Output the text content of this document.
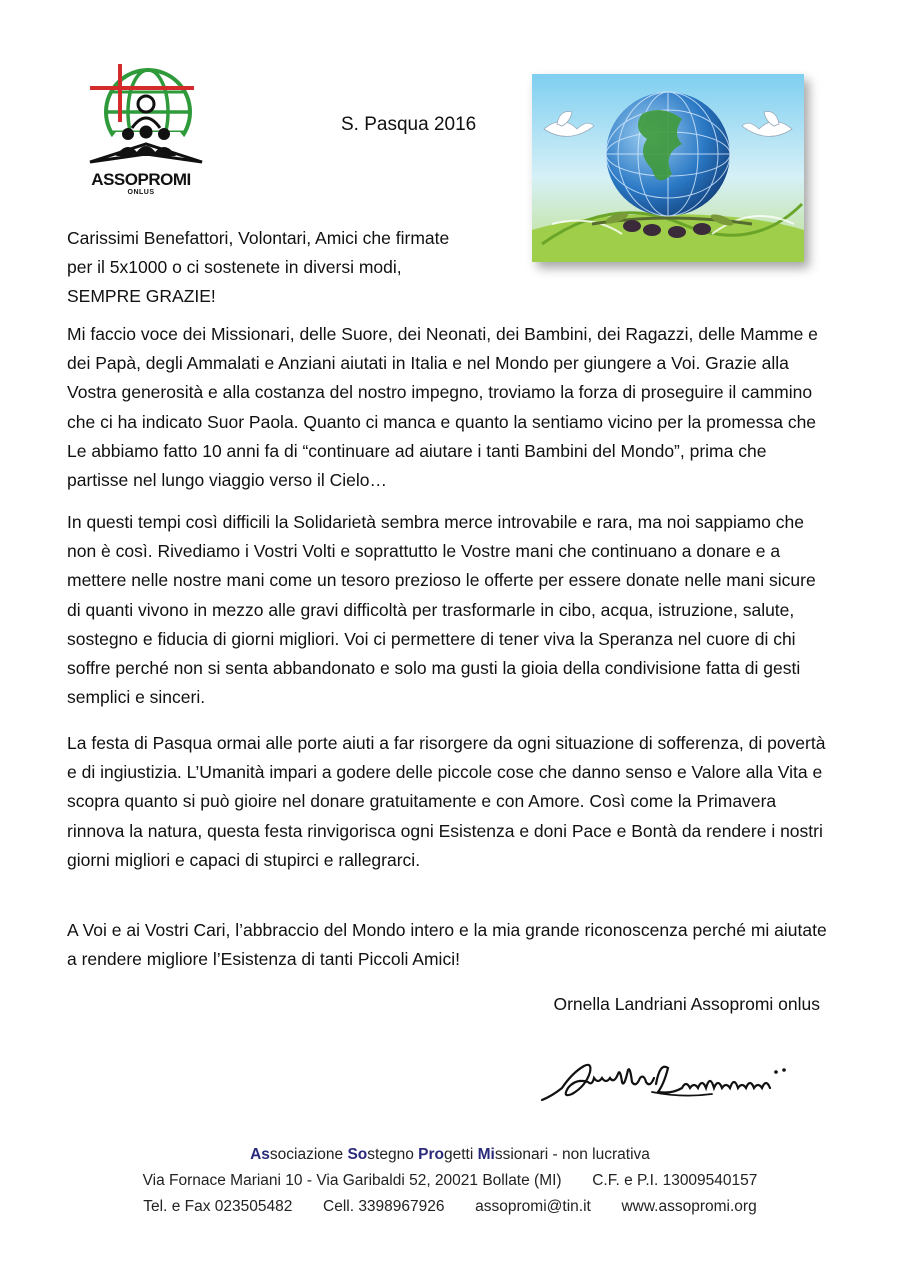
ASSOPROMI
ONLUS
S. Pasqua 2016
Carissimi Benefattori, Volontari, Amici che firmate
per il 5x1000 o ci sostenete in diversi modi,
SEMPRE GRAZIE!
Mi faccio voce dei Missionari, delle Suore, dei Neonati, dei Bambini, dei Ragazzi, delle Mamme e dei Papà, degli Ammalati e Anziani aiutati in Italia e nel Mondo per giungere a Voi. Grazie alla Vostra generosità e alla costanza del nostro impegno, troviamo la forza di proseguire il cammino che ci ha indicato Suor Paola. Quanto ci manca e quanto la sentiamo vicino per la promessa che Le abbiamo fatto 10 anni fa di “continuare ad aiutare i tanti Bambini del Mondo”, prima che partisse nel lungo viaggio verso il Cielo…
In questi tempi così difficili la Solidarietà sembra merce introvabile e rara, ma noi sappiamo che non è così. Rivediamo i Vostri Volti e soprattutto le Vostre mani che continuano a donare e a mettere nelle nostre mani come un tesoro prezioso le offerte per essere donate nelle mani sicure di quanti vivono in mezzo alle gravi difficoltà per trasformarle in cibo, acqua, istruzione, salute, sostegno e fiducia di giorni migliori. Voi ci permettere di tener viva la Speranza nel cuore di chi soffre perché non si senta abbandonato e solo ma gusti la gioia della condivisione fatta di gesti semplici e sinceri.
La festa di Pasqua ormai alle porte aiuti a far risorgere da ogni situazione di sofferenza, di povertà e di ingiustizia. L’Umanità impari a godere delle piccole cose che danno senso e Valore alla Vita e scopra quanto si può gioire nel donare gratuitamente e con Amore. Così come la Primavera rinnova la natura, questa festa rinvigorisca ogni Esistenza e doni Pace e Bontà da rendere i nostri giorni migliori e capaci di stupirci e rallegrarci.
A Voi e ai Vostri Cari, l’abbraccio del Mondo intero e la mia grande riconoscenza perché mi aiutate a rendere migliore l’Esistenza di tanti Piccoli Amici!
Ornella Landriani Assopromi onlus
Associazione Sostegno Progetti Missionari - non lucrativa
Via Fornace Mariani 10 - Via Garibaldi 52, 20021 Bollate (MI) C.F. e P.I. 13009540157
Tel. e Fax 023505482 Cell. 3398967926 assopromi@tin.it www.assopromi.org
